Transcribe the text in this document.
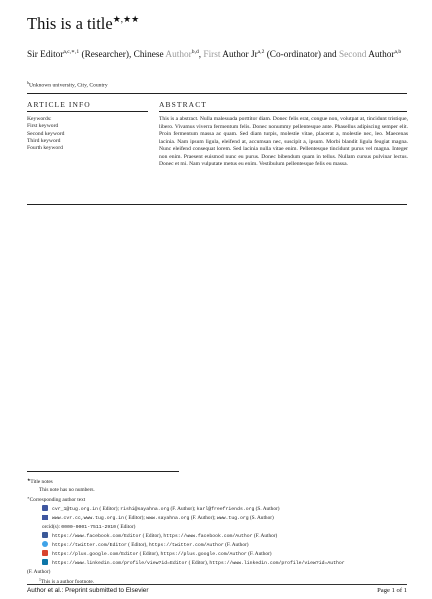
This is a title★,★★
Sir Editor$^{a,c,∗,1}$ (Researcher), Chinese Author$^{b,d}$, First Author Jr$^{a,2}$ (Co-ordinator) and Second Author$^{a,b}$
$^b$Unknown university, City, Country
ARTICLE INFO	ABSTRACT
Keywords:
First keyword
Second keyword
Third keyword
Fourth keyword
This is a abstract. Nulla malesuada porttitor diam. Donec felis erat, congue non, volutpat at, tincidunt tristique, libero. Vivamus viverra fermentum felis. Donec nonummy pellentesque ante. Phasellus adipiscing semper elit. Proin fermentum massa ac quam. Sed diam turpis, molestie vitae, placerat a, molestie nec, leo. Maecenas lacinia. Nam ipsum ligula, eleifend at, accumsan nec, suscipit a, ipsum. Morbi blandit ligula feugiat magna. Nunc eleifend consequat lorem. Sed lacinia nulla vitae enim. Pellentesque tincidunt purus vel magna. Integer non enim. Praesent euismod nunc eu purus. Donec bibendum quam in tellus. Nullam cursus pulvinar lectus. Donec et mi. Nam vulputate metus eu enim. Vestibulum pellentesque felis eu massa.
★Title notes
This note has no numbers.
∗Corresponding author text
cvr_1@tug.org.in ( Editor); rishi@sayahna.org (F. Author); karl@freefriends.org (S. Author)
www.cvr.cc,www.tug.org.in ( Editor); www.sayahna.org (F. Author); www.tug.org (S. Author)
orcid(s): 0000-0001-7511-2910 ( Editor)
https://www.facebook.com/Editor ( Editor), https://www.facebook.com/Author (F. Author)
https://twitter.com/Editor ( Editor), https://twitter.com/Author (F. Author)
https://plus.google.com/Editor ( Editor), https://plus.google.com/Author (F. Author)
https://www.linkedin.com/profile/view?id=Editor ( Editor), https://www.linkedin.com/profile/view?id=Author
(F. Author)
$^1$This is a author footnote.
Author et al.: Preprint submitted to Elsevier	Page 1 of 1
